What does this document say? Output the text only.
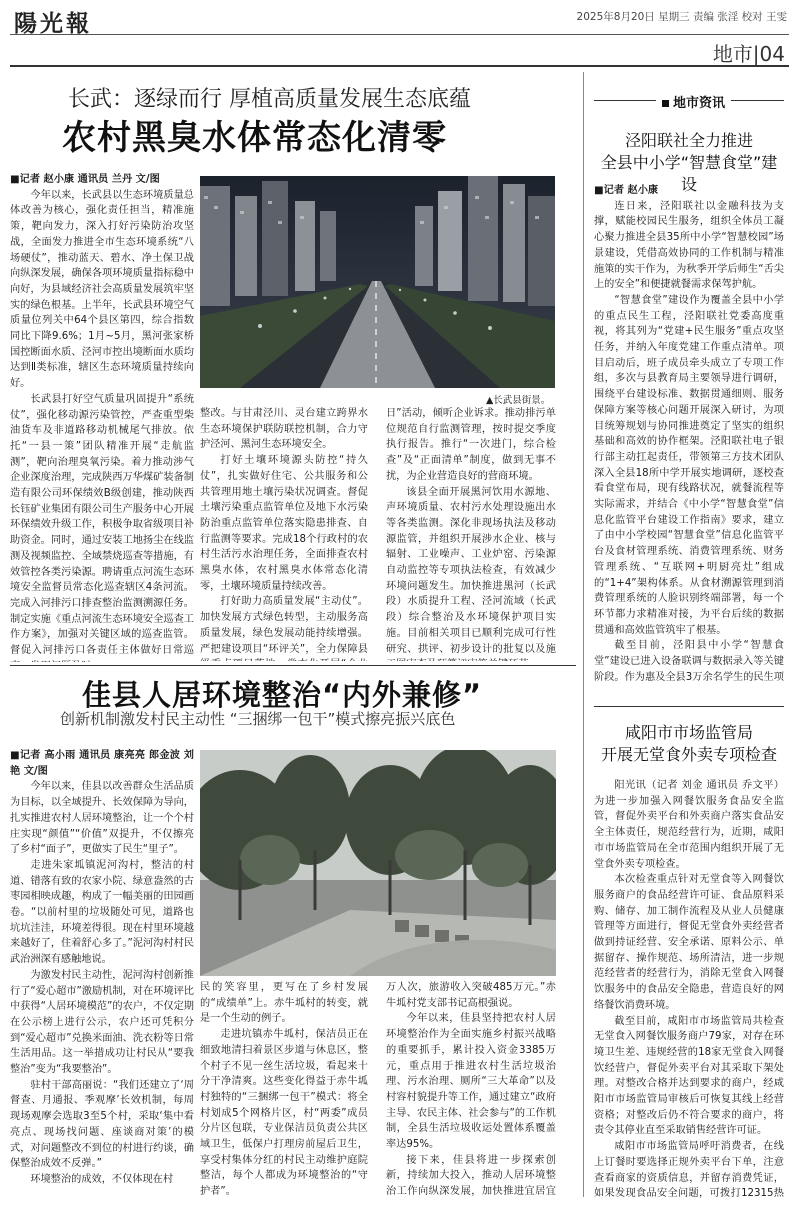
陽光報	2025年8月20日 星期三 责编 张淫 校对 王雯
地市|04
长武：逐绿而行 厚植高质量发展生态底蕴
农村黑臭水体常态化清零

■记者 赵小康 通讯员 兰丹 文/图

今年以来，长武县以生态环境质量总体改善为核心，强化责任担当，精准施策，靶向发力，深入打好污染防治攻坚战，全面发力推进全市生态环境系统“八场硬仗”，推动蓝天、碧水、净土保卫战向纵深发展，确保各项环境质量指标稳中向好，为县域经济社会高质量发展筑牢坚实的绿色根基。上半年，长武县环境空气质量位列关中64个县区第四，综合指数同比下降9.6%；1月~5月，黑河张家桥国控断面水质、泾河市控出境断面水质均达到Ⅱ类标准，辖区生态环境质量持续向好。

长武县打好空气质量巩固提升“系统仗”，强化移动源污染管控，严查重型柴油货车及非道路移动机械尾气排放。依托“一县一策”团队精准开展“走航监测”，靶向治理臭氧污染。着力推动涉气企业深度治理，完成陕西万华煤矿装备制造有限公司环保绩效B级创建，推动陕西长钰矿业集团有限公司生产服务中心开展环保绩效升级工作，积极争取省级项目补助资金。同时，通过安装工地扬尘在线监测及视频监控、全域禁烧巡查等措施，有效管控各类污染源。聘请重点河流生态环境安全监督员常态化巡查辖区4条河流。完成入河排污口排查整治监测溯源任务。制定实施《重点河流生态环境安全巡查工作方案》，加强对关键区域的巡查监管。督促入河排污口各责任主体做好日常巡

▲长武县街景。

整改。与甘肃泾川、灵台建立跨界水生态环境保护联防联控机制，合力守护泾河、黑河生态环境安全。

打好土壤环境源头防控“持久仗”，扎实做好住宅、公共服务和公共管理用地土壤污染状况调查。督促土壤污染重点监管单位及地下水污染防治重点监管单位落实隐患排查、自行监测等要求。完成18个行政村的农村生活污水治理任务，全面排查农村黑臭水体，农村黑臭水体常态化清零，土壤环境质量持续改善。

打好助力高质量发展“主动仗”。加快发展方式绿色转型，主动服务高质量发展，绿色发展动能持续增强。严把建设项目“环评关”，全力保障县

日”活动，倾听企业诉求。推动排污单位规范自行监测管理，按时提交季度执行报告。推行“一次进门，综合检查”及“正面清单”制度，做到无事不扰，为企业营造良好的营商环境。

该县全面开展黑河饮用水源地、声环境质量、农村污水处理设施出水等各类监测。深化非现场执法及移动源监管，并组织开展涉水企业、核与辐射、工业噪声、工业炉窑、污染源自动监控等专项执法检查，有效减少环境问题发生。加快推进黑河（长武段）水质提升工程、泾河流域（长武段）综合整治及水环境保护项目实施。目前相关项目已顺利完成可行性研究、拱评、初步设计的批复以及施

佳县人居环境整治“内外兼修”
创新机制激发村民主动性 “三捆绑一包干”模式擦亮振兴底色

■记者 高小雨 通讯员 康亮亮 郎金波 刘艳 文/图

今年以来，佳县以改善群众生活品质为目标，以全域提升、长效保障为导向，扎实推进农村人居环境整治，让一个个村庄实现“颜值”“价值”双提升，不仅擦亮了乡村“面子”，更做实了民生“里子”。

走进朱家坬镇泥河沟村，整洁的村道、错落有致的农家小院、绿意盎然的古枣园相映成趣，构成了一幅美丽的田园画卷。“以前村里的垃圾随处可见，道路也坑坑洼洼，环境差得很。现在村里环境越来越好了，住着舒心多了。”泥河沟村村民武治洲深有感触地说。

为激发村民主动性，泥河沟村创新推行了“爱心超市”激励机制，对在环境评比中获得“人居环境模范”的农户，不仅定期在公示榜上进行公示，农户还可凭积分到“爱心超市”兑换米面油、洗衣粉等日常生活用品。这一举措成功让村民从“要我整治”变为“我要整治”。

驻村干部高丽说：“我们还建立了‘周督查、月通报、季观摩’长效机制，每周现场观摩会选取3至5个村，采取‘集中看亮点、现场找问题、座谈商对策’的模式，对问题整改不到位的村进行约谈，确保整治成效不反弹。”

环境整治的成效，不仅体现在村

民的笑容里，更写在了乡村发展的“成绩单”上。赤牛坬村的转变，就是一个生动的例子。

走进坑镇赤牛坬村，保洁员正在细致地清扫着景区步道与休息区，整个村子不见一丝生活垃圾，看起来十分干净清爽。这些变化得益于赤牛坬村独特的“三捆绑一包干”模式：将全村划成5个网格片区，村“两委”成员分片区包联，专业保洁员负责公共区域卫生，低保户打理房前屋后卫生，享受村集体分红的村民主动维护庭院整洁，每个人都成为环境整治的“守护者”。

万人次，旅游收入突破485万元。”赤牛坬村党支部书记高根强说。

今年以来，佳县坚持把农村人居环境整治作为全面实施乡村振兴战略的重要抓手，累计投入资金3385万元，重点用于推进农村生活垃圾治理、污水治理、厕所“三大革命”以及村容村貌提升等工作，通过建立“政府主导、农民主体、社会参与”的工作机制，全县生活垃圾收运处置体系覆盖率达95%。

接下来，佳县将进一步探索创新，持续加大投入，推动人居环境整治工作向纵深发展，加快推进宜居宜

地市资讯
泾阳联社全力推进
全县中小学“智慧食堂”建设

■记者 赵小康

连日来，泾阳联社以金融科技为支撑，赋能校园民生服务，组织全体员工凝心聚力推进全县35所中小学“智慧校园”场景建设，凭借高效协同的工作机制与精准施策的实干作为，为秋季开学后师生“舌尖上的安全”和便捷就餐需求保驾护航。

“智慧食堂”建设作为覆盖全县中小学的重点民生工程，泾阳联社党委高度重视，将其列为“党建+民生服务”重点攻坚任务，并纳入年度党建工作重点清单。项目启动后，班子成员牵头成立了专项工作组，多次与县教育局主要领导进行调研，围绕平台建设标准、数据贯通细则、服务保障方案等核心问题开展深入研讨，为项目统筹规划与协同推进奠定了坚实的组织基础和高效的协作框架。泾阳联社电子银行部主动扛起责任，带领第三方技术团队深入全县18所中学开展实地调研，逐校查看食堂布局，现有线路状况，就餐流程等实际需求，并结合《中小学“智慧食堂”信息化监管平台建设工作指南》要求，建立了由中小学校园“智慧食堂”信息化监管平台及食材管理系统、消费管理系统、财务管理系统、“互联网+明厨亮灶”组成的“1+4”架构体系。从食材溯源管理到消费管理系统的人脸识别终端部署，每一个环节都力求精准对接，为平台后续的数据贯通和高效监管筑牢了根基。

截至目前，泾阳县中小学“智慧食堂”建设已进入设备联调与数据录入等关键阶段。作为惠及全县3万余名学生的民生项

咸阳市市场监管局
开展无堂食外卖专项检查

阳光讯（记者 刘金 通讯员 乔文平）为进一步加强入网餐饮服务食品安全监管，督促外卖平台和外卖商户落实食品安全主体责任，规范经营行为，近期，咸阳市市场监管局在全市范围内组织开展了无堂食外卖专项检查。

本次检查重点针对无堂食等入网餐饮服务商户的食品经营许可证、食品原料采购、储存、加工制作流程及从业人员健康管理等方面进行，督促无堂食外卖经营者做到持证经营、安全承诺、原料公示、单据留存、操作规范、场所清洁，进一步规范经营者的经营行为，消除无堂食入网餐饮服务中的食品安全隐患，营造良好的网络餐饮消费环境。

截至目前，咸阳市市场监管局共检查无堂食入网餐饮服务商户79家，对存在环境卫生差、违规经营的18家无堂食入网餐饮经营户，督促外卖平台对其采取下架处理。对整改合格并达到要求的商户，经咸阳市市场监管局审核后可恢复其线上经营资格；对整改后仍不符合要求的商户，将责令其停业直至采取销售经营许可证。

咸阳市市场监管局呼吁消费者，在线上订餐时要选择正规外卖平台下单，注意查看商家的资质信息，并留存消费凭证，如果发现食品安全问题，可拨打12315热
